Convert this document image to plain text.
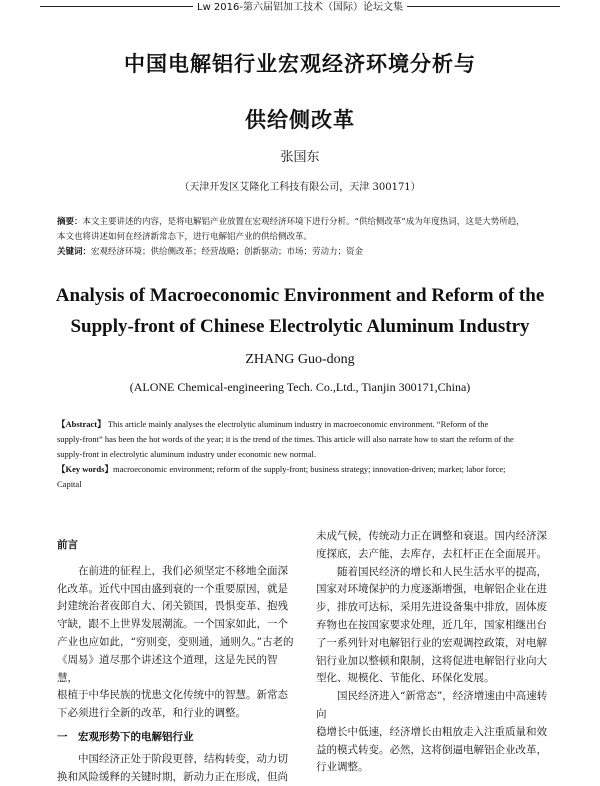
Lw 2016-第六届铝加工技术（国际）论坛文集
中国电解铝行业宏观经济环境分析与
供给侧改革
张国东
（天津开发区艾隆化工科技有限公司，天津 300171）
摘要：本文主要讲述的内容，是将电解铝产业放置在宏观经济环境下进行分析。“供给侧改革”成为年度热词，这是大势所趋，
本文也将讲述如何在经济新常态下，进行电解铝产业的供给侧改革。
关键词：宏观经济环境；供给侧改革；经营战略；创新驱动；市场；劳动力；资金
Analysis of Macroeconomic Environment and Reform of the
Supply-front of Chinese Electrolytic Aluminum Industry
ZHANG Guo-dong
(ALONE Chemical-engineering Tech. Co.,Ltd., Tianjin 300171,China)
【Abstract】 This article mainly analyses the electrolytic aluminum industry in macroeconomic environment. “Reform of the
supply-front” has been the hot words of the year; it is the trend of the times. This article will also narrate how to start the reform of the
supply-front in electrolytic aluminum industry under economic new normal.
【Key words】macroeconomic environment; reform of the supply-front; business strategy; innovation-driven; market; labor force;
Capital
前言
在前进的征程上，我们必须坚定不移地全面深
化改革。近代中国由盛到衰的一个重要原因，就是
封建统治者夜郎自大、闭关锁国，畏惧变革、抱残
守缺，跟不上世界发展潮流。一个国家如此，一个
产业也应如此，“穷则变，变则通，通则久。”古老的
《周易》道尽那个讲述这个道理，这是先民的智慧，
根植于中华民族的忧患文化传统中的智慧。新常态
下必须进行全新的改革，和行业的调整。
一　宏观形势下的电解铝行业
中国经济正处于阶段更替，结构转变，动力切
换和风险缓释的关键时期，新动力正在形成，但尚
未成气候，传统动力正在调整和衰退。国内经济深
度探底，去产能，去库存，去杠杆正在全面展开。
随着国民经济的增长和人民生活水平的提高，
国家对环境保护的力度逐渐增强，电解铝企业在进
步，排放可达标，采用先进设备集中排放，固体废
弃物也在按国家要求处理，近几年，国家相继出台
了一系列针对电解铝行业的宏观调控政策，对电解
铝行业加以整顿和限制，这将促进电解铝行业向大
型化、规模化、节能化、环保化发展。
国民经济进入“新常态”，经济增速由中高速转向
稳增长中低速，经济增长由粗放走入注重质量和效
益的模式转变。必然，这将倒逼电解铝企业改革，
行业调整。
